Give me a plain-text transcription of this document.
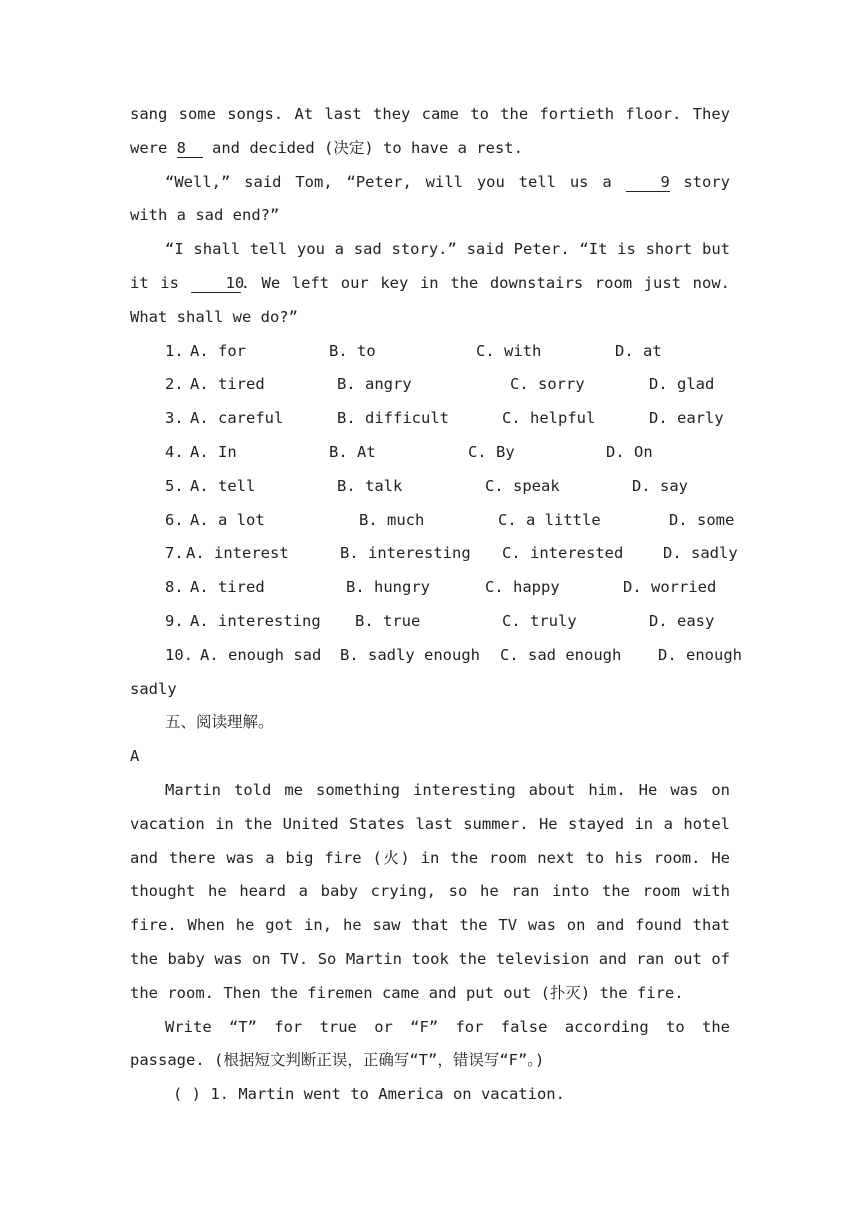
sang some songs. At last they came to the fortieth floor. They were 8 and decided (决定) to have a rest.

“Well,” said Tom, “Peter, will you tell us a 9 story with a sad end?”

“I shall tell you a sad story.” said Peter. “It is short but it is 10. We left our key in the downstairs room just now. What shall we do?”

1. A. for	B. to	C. with	D. at
2. A. tired	B. angry	C. sorry	D. glad
3. A. careful	B. difficult	C. helpful	D. early
4. A. In	B. At	C. By	D. On
5. A. tell	B. talk	C. speak	D. say
6. A. a lot	B. much	C. a little	D. some
7. A. interest	B. interesting C. interested	D. sadly
8. A. tired	B. hungry	C. happy	D. worried
9. A. interesting B. true	C. truly	D. easy
10. A. enough sad B. sadly enough C. sad enough D. enough
sadly

五、阅读理解。

A

Martin told me something interesting about him. He was on vacation in the United States last summer. He stayed in a hotel and there was a big fire (火) in the room next to his room. He thought he heard a baby crying, so he ran into the room with fire. When he got in, he saw that the TV was on and found that the baby was on TV. So Martin took the television and ran out of the room. Then the firemen came and put out (扑灭) the fire.

Write “T” for true or “F” for false according to the passage. (根据短文判断正误，正确写“T”，错误写“F”。)

( ) 1. Martin went to America on vacation.
